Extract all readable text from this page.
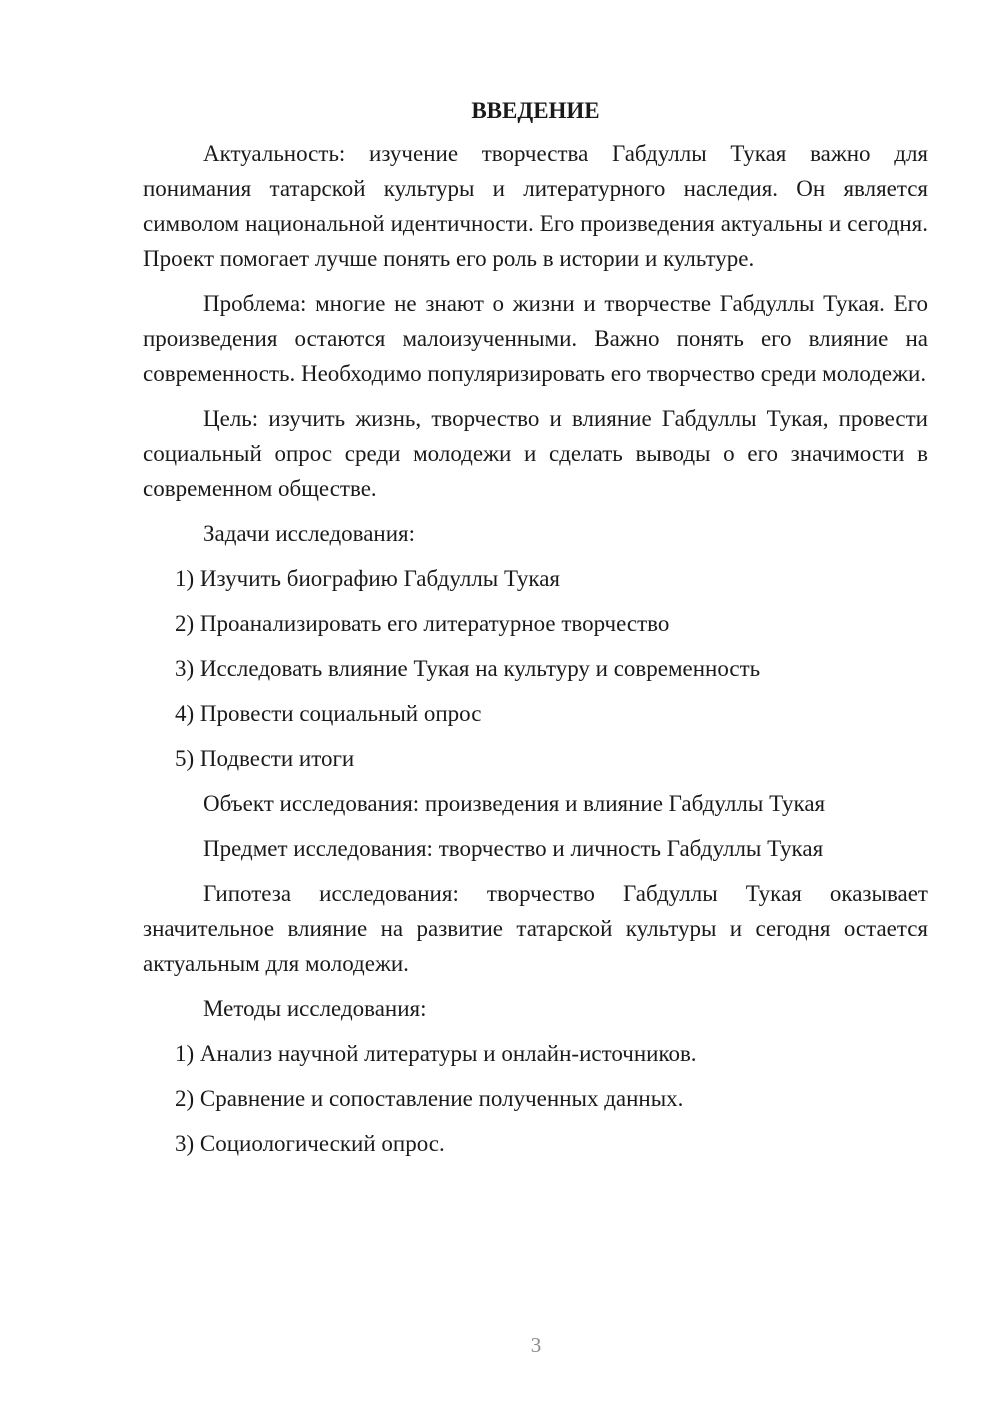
ВВЕДЕНИЕ
Актуальность: изучение творчества Габдуллы Тукая важно для понимания татарской культуры и литературного наследия. Он является символом национальной идентичности. Его произведения актуальны и сегодня. Проект помогает лучше понять его роль в истории и культуре.
Проблема: многие не знают о жизни и творчестве Габдуллы Тукая. Его произведения остаются малоизученными. Важно понять его влияние на современность. Необходимо популяризировать его творчество среди молодежи.
Цель: изучить жизнь, творчество и влияние Габдуллы Тукая, провести социальный опрос среди молодежи и сделать выводы о его значимости в современном обществе.
Задачи исследования:
1) Изучить биографию Габдуллы Тукая
2) Проанализировать его литературное творчество
3) Исследовать влияние Тукая на культуру и современность
4) Провести социальный опрос
5) Подвести итоги
Объект исследования: произведения и влияние Габдуллы Тукая
Предмет исследования: творчество и личность Габдуллы Тукая
Гипотеза исследования: творчество Габдуллы Тукая оказывает значительное влияние на развитие татарской культуры и сегодня остается актуальным для молодежи.
Методы исследования:
1) Анализ научной литературы и онлайн-источников.
2) Сравнение и сопоставление полученных данных.
3) Социологический опрос.
3
